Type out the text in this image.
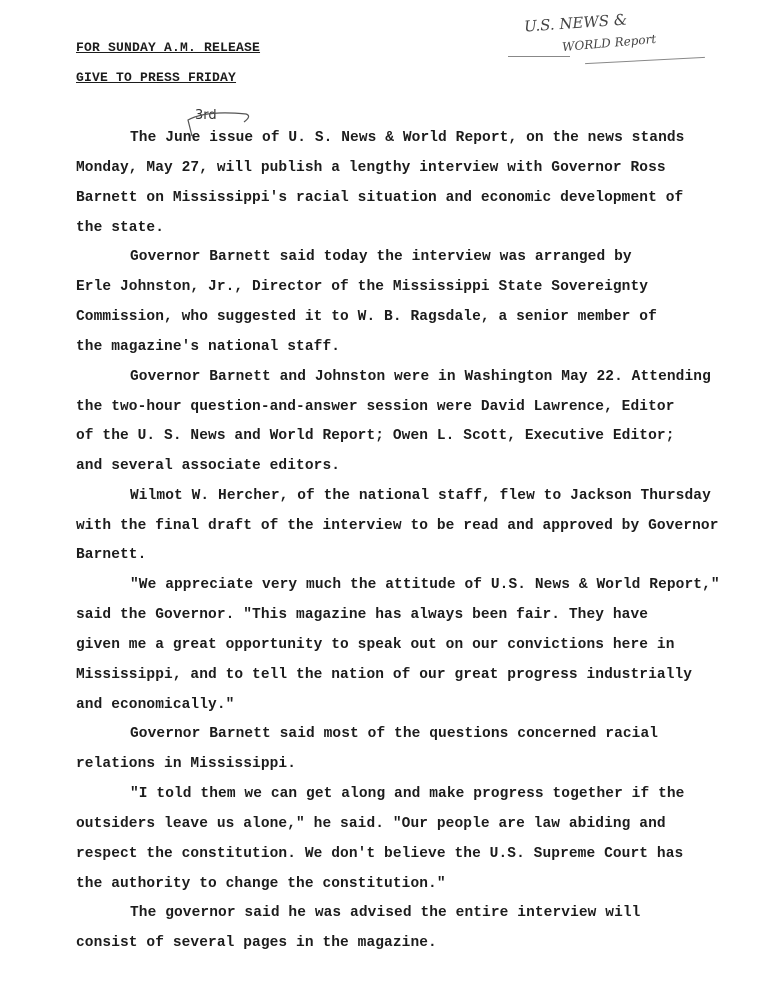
U.S. NEWS &
WORLD Report
FOR SUNDAY A.M. RELEASE
GIVE TO PRESS FRIDAY
3rd
The June issue of U. S. News & World Report, on the news stands
Monday, May 27, will publish a lengthy interview with Governor Ross
Barnett on Mississippi's racial situation and economic development of
the state.
Governor Barnett said today the interview was arranged by
Erle Johnston, Jr., Director of the Mississippi State Sovereignty
Commission, who suggested it to W. B. Ragsdale, a senior member of
the magazine's national staff.
Governor Barnett and Johnston were in Washington May 22. Attending
the two-hour question-and-answer session were David Lawrence, Editor
of the U. S. News and World Report; Owen L. Scott, Executive Editor;
and several associate editors.
Wilmot W. Hercher, of the national staff, flew to Jackson Thursday
with the final draft of the interview to be read and approved by Governor
Barnett.
"We appreciate very much the attitude of U.S. News & World Report,"
said the Governor. "This magazine has always been fair. They have
given me a great opportunity to speak out on our convictions here in
Mississippi, and to tell the nation of our great progress industrially
and economically."
Governor Barnett said most of the questions concerned racial
relations in Mississippi.
"I told them we can get along and make progress together if the
outsiders leave us alone," he said. "Our people are law abiding and
respect the constitution. We don't believe the U.S. Supreme Court has
the authority to change the constitution."
The governor said he was advised the entire interview will
consist of several pages in the magazine.
